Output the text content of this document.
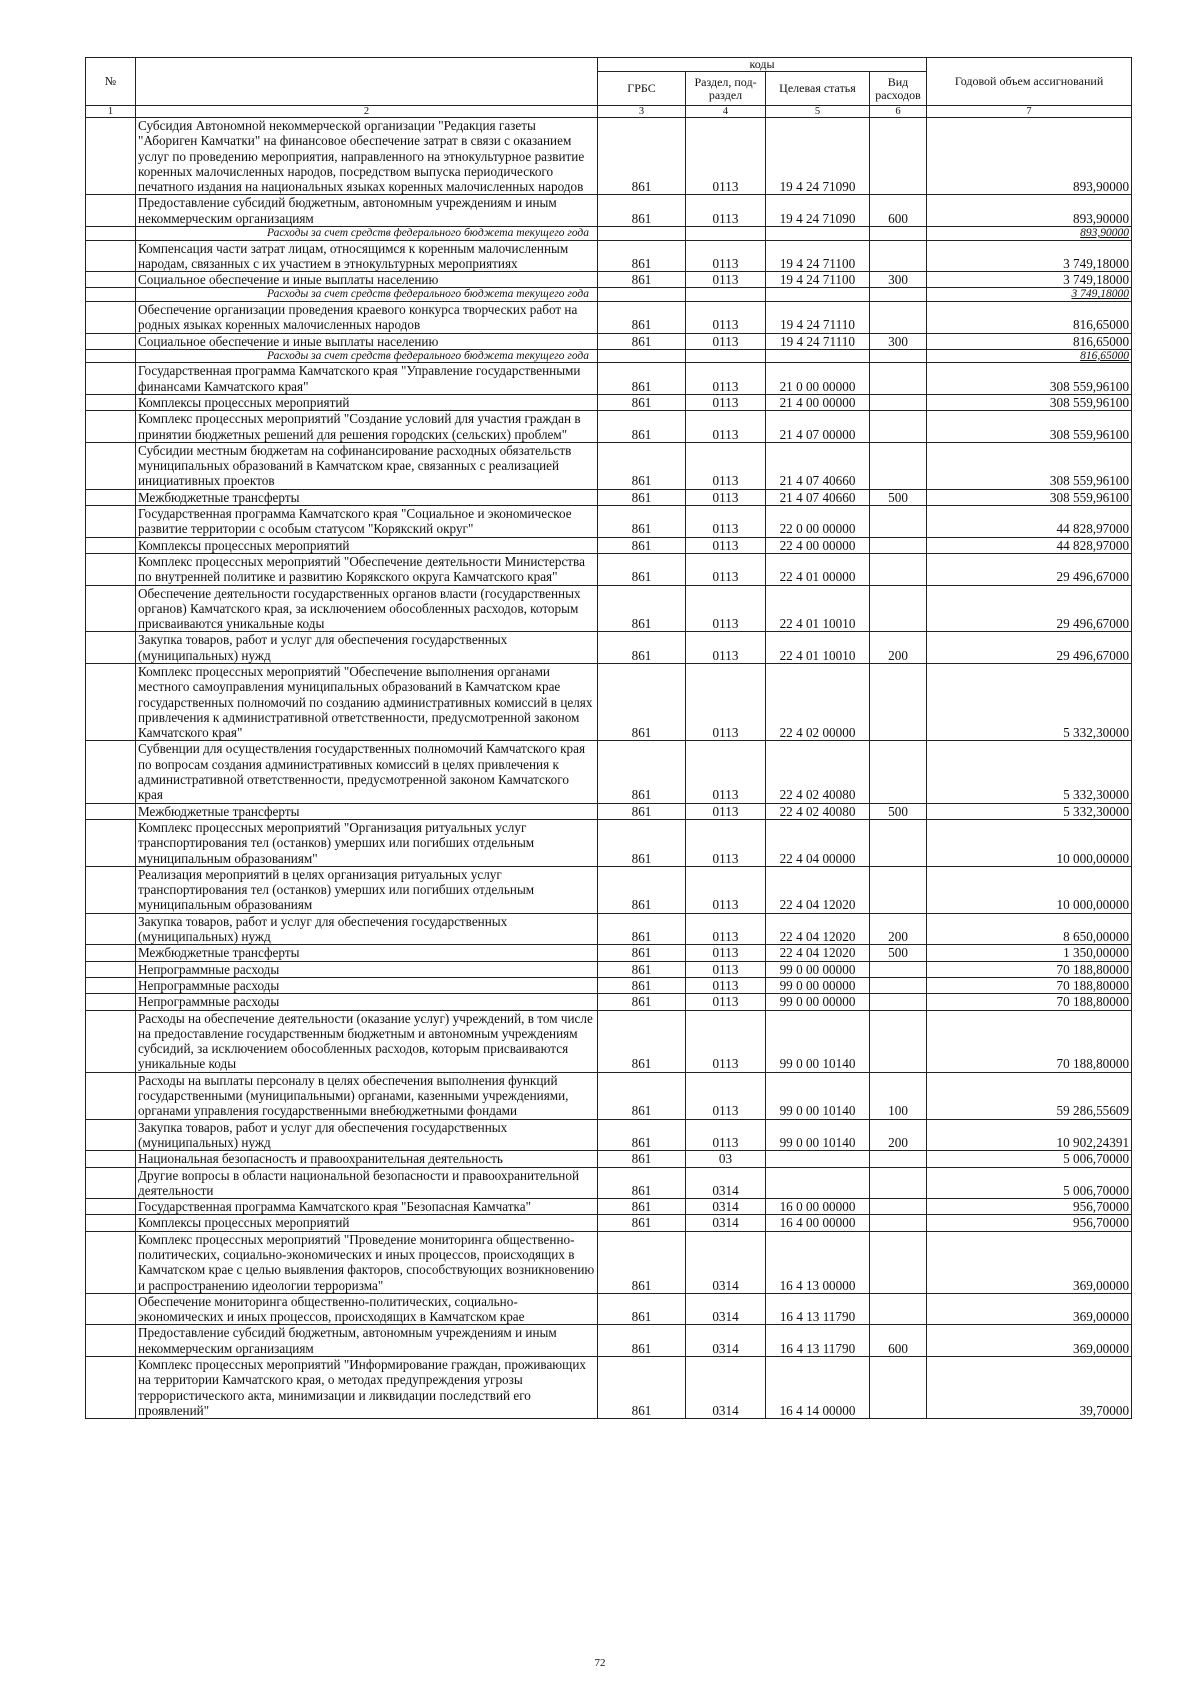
№		коды				Годовой объем ассигнований
		ГРБС	Раздел, под-раздел	Целевая статья	Вид расходов	
1	2	3	4	5	6	7
	Субсидия Автономной некоммерческой организации "Редакция газеты "Абориген Камчатки" на финансовое обеспечение затрат в связи с оказанием услуг по проведению мероприятия, направленного на этнокультурное развитие коренных малочисленных народов, посредством выпуска периодического печатного издания на национальных языках коренных малочисленных народов	861	0113	19 4 24 71090		893,90000
	Предоставление субсидий бюджетным, автономным учреждениям и иным некоммерческим организациям	861	0113	19 4 24 71090	600	893,90000
	Расходы за счет средств федерального бюджета текущего года					893,90000
	Компенсация части затрат лицам, относящимся к коренным малочисленным народам, связанных с их участием в этнокультурных мероприятиях	861	0113	19 4 24 71100		3 749,18000
	Социальное обеспечение и иные выплаты населению	861	0113	19 4 24 71100	300	3 749,18000
	Расходы за счет средств федерального бюджета текущего года					3 749,18000
	Обеспечение организации проведения краевого конкурса творческих работ на родных языках коренных малочисленных народов	861	0113	19 4 24 71110		816,65000
	Социальное обеспечение и иные выплаты населению	861	0113	19 4 24 71110	300	816,65000
	Расходы за счет средств федерального бюджета текущего года					816,65000
	Государственная программа Камчатского края "Управление государственными финансами Камчатского края"	861	0113	21 0 00 00000		308 559,96100
	Комплексы процессных мероприятий	861	0113	21 4 00 00000		308 559,96100
	Комплекс процессных мероприятий "Создание условий для участия граждан в принятии бюджетных решений для решения городских (сельских) проблем"	861	0113	21 4 07 00000		308 559,96100
	Субсидии местным бюджетам на софинансирование расходных обязательств муниципальных образований в Камчатском крае, связанных с реализацией инициативных проектов	861	0113	21 4 07 40660		308 559,96100
	Межбюджетные трансферты	861	0113	21 4 07 40660	500	308 559,96100
	Государственная программа Камчатского края "Социальное и экономическое развитие территории с особым статусом "Корякский округ"	861	0113	22 0 00 00000		44 828,97000
	Комплексы процессных мероприятий	861	0113	22 4 00 00000		44 828,97000
	Комплекс процессных мероприятий "Обеспечение деятельности Министерства по внутренней политике и развитию Корякского округа Камчатского края"	861	0113	22 4 01 00000		29 496,67000
	Обеспечение деятельности государственных органов власти (государственных органов) Камчатского края, за исключением обособленных расходов, которым присваиваются уникальные коды	861	0113	22 4 01 10010		29 496,67000
	Закупка товаров, работ и услуг для обеспечения государственных (муниципальных) нужд	861	0113	22 4 01 10010	200	29 496,67000
	Комплекс процессных мероприятий "Обеспечение выполнения органами местного самоуправления муниципальных образований в Камчатском крае государственных полномочий по созданию административных комиссий в целях привлечения к административной ответственности, предусмотренной законом Камчатского края"	861	0113	22 4 02 00000		5 332,30000
	Субвенции для осуществления государственных полномочий Камчатского края по вопросам создания административных комиссий в целях привлечения к административной ответственности, предусмотренной законом Камчатского края	861	0113	22 4 02 40080		5 332,30000
	Межбюджетные трансферты	861	0113	22 4 02 40080	500	5 332,30000
	Комплекс процессных мероприятий "Организация ритуальных услуг транспортирования тел (останков) умерших или погибших отдельным муниципальным образованиям"	861	0113	22 4 04 00000		10 000,00000
	Реализация мероприятий в целях организация ритуальных услуг транспортирования тел (останков) умерших или погибших отдельным муниципальным образованиям	861	0113	22 4 04 12020		10 000,00000
	Закупка товаров, работ и услуг для обеспечения государственных (муниципальных) нужд	861	0113	22 4 04 12020	200	8 650,00000
	Межбюджетные трансферты	861	0113	22 4 04 12020	500	1 350,00000
	Непрограммные расходы	861	0113	99 0 00 00000		70 188,80000
	Непрограммные расходы	861	0113	99 0 00 00000		70 188,80000
	Непрограммные расходы	861	0113	99 0 00 00000		70 188,80000
	Расходы на обеспечение деятельности (оказание услуг) учреждений, в том числе на предоставление государственным бюджетным и автономным учреждениям субсидий, за исключением обособленных расходов, которым присваиваются уникальные коды	861	0113	99 0 00 10140		70 188,80000
	Расходы на выплаты персоналу в целях обеспечения выполнения функций государственными (муниципальными) органами, казенными учреждениями, органами управления государственными внебюджетными фондами	861	0113	99 0 00 10140	100	59 286,55609
	Закупка товаров, работ и услуг для обеспечения государственных (муниципальных) нужд	861	0113	99 0 00 10140	200	10 902,24391
	Национальная безопасность и правоохранительная деятельность	861	03			5 006,70000
	Другие вопросы в области национальной безопасности и правоохранительной деятельности	861	0314			5 006,70000
	Государственная программа Камчатского края "Безопасная Камчатка"	861	0314	16 0 00 00000		956,70000
	Комплексы процессных мероприятий	861	0314	16 4 00 00000		956,70000
	Комплекс процессных мероприятий "Проведение мониторинга общественно-политических, социально-экономических и иных процессов, происходящих в Камчатском крае с целью выявления факторов, способствующих возникновению и распространению идеологии терроризма"	861	0314	16 4 13 00000		369,00000
	Обеспечение мониторинга общественно-политических, социально-экономических и иных процессов, происходящих в Камчатском крае	861	0314	16 4 13 11790		369,00000
	Предоставление субсидий бюджетным, автономным учреждениям и иным некоммерческим организациям	861	0314	16 4 13 11790	600	369,00000
	Комплекс процессных мероприятий "Информирование граждан, проживающих на территории Камчатского края, о методах предупреждения угрозы террористического акта, минимизации и ликвидации последствий его проявлений"	861	0314	16 4 14 00000		39,70000
72
